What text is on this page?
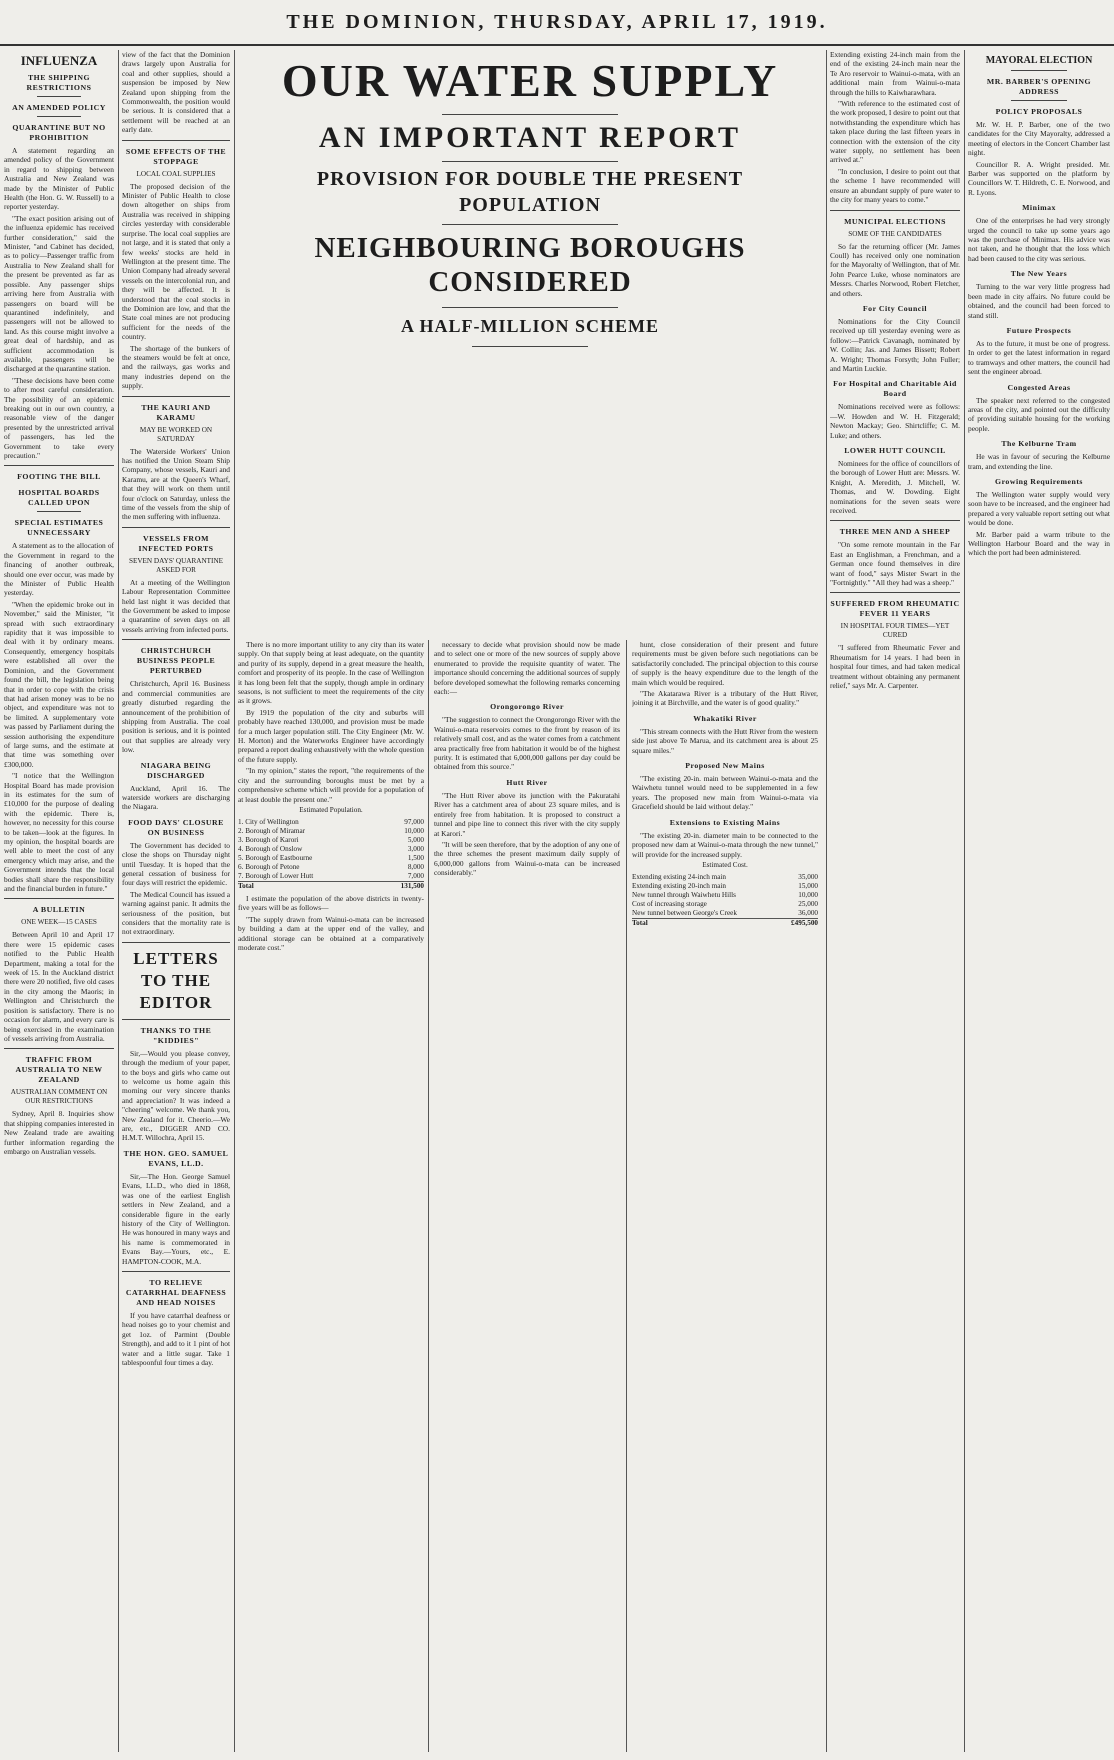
THE DOMINION, THURSDAY, APRIL 17, 1919.
INFLUENZA
THE SHIPPING RESTRICTIONS
AN AMENDED POLICY
QUARANTINE BUT NO PROHIBITION

A statement regarding an amended policy of the Government in regard to shipping between Australia and New Zealand was made by the Minister of Public Health (the Hon. G. W. Russell) to a reporter yesterday.

"The exact position arising out of the influenza epidemic has received further consideration," said the Minister, "and Cabinet has decided, as to policy—Passenger traffic from Australia to New Zealand shall for the present be prevented as far as possible. Any passenger ships arriving here from Australia with passengers on board will be quarantined indefinitely, and passengers will not be allowed to land. As this course might involve a great deal of hardship, and as sufficient accommodation is available, passengers will be discharged at the quarantine station.

"These decisions have been come to after most careful consideration. The possibility of an epidemic breaking out in our own country, a reasonable view of the danger presented by the unrestricted arrival of passengers, has led the Government to take every precaution."

FOOTING THE BILL
HOSPITAL BOARDS CALLED UPON
SPECIAL ESTIMATES UNNECESSARY

A statement as to the allocation of the Government in regard to the financing of another outbreak, should one ever occur, was made by the Minister of Public Health yesterday.

"When the epidemic broke out in November," said the Minister, "it spread with such extraordinary rapidity that it was impossible to deal with it by ordinary means. Consequently, emergency hospitals were established all over the Dominion, and the Government found the bill, the legislation being that in order to cope with the crisis that had arisen money was to be no object, and expenditure was not to be limited. A supplementary vote was passed by Parliament during the session authorising the expenditure of large sums, and the estimate at that time was something over £300,000.

"I notice that the Wellington Hospital Board has made provision in its estimates for the sum of £10,000 for the purpose of dealing with the epidemic. There is, however, no necessity for this course to be taken—look at the figures. In my opinion, the hospital boards are well able to meet the cost of any emergency which may arise, and the Government intends that the local bodies shall share the responsibility and the financial burden in future."

A BULLETIN
ONE WEEK—15 CASES

Between April 10 and April 17 there were 15 epidemic cases notified to the Public Health Department, making a total for the week of 15. In the Auckland district there were 20 notified, five old cases in the city among the Maoris; in Wellington and Christchurch the position is satisfactory. There is no occasion for alarm, and every care is being exercised in the examination of vessels arriving from Australia.

TRAFFIC FROM AUSTRALIA TO NEW ZEALAND
AUSTRALIAN COMMENT ON OUR RESTRICTIONS

Sydney, April 8. Inquiries show that shipping companies interested in New Zealand trade are awaiting further information regarding the embargo on Australian vessels.

view of the fact that the Dominion draws largely upon Australia for coal and other supplies, should a suspension be imposed by New Zealand upon shipping from the Commonwealth, the position would be serious. It is considered that a settlement will be reached at an early date.

SOME EFFECTS OF THE STOPPAGE
LOCAL COAL SUPPLIES

The proposed decision of the Minister of Public Health to close down altogether on ships from Australia was received in shipping circles yesterday with considerable surprise. The local coal supplies are not large, and it is stated that only a few weeks' stocks are held in Wellington at the present time. The Union Company had already several vessels on the intercolonial run, and they will be affected. It is understood that the coal stocks in the Dominion are low, and that the State coal mines are not producing sufficient for the needs of the country.

The shortage of the bunkers of the steamers would be felt at once, and the railways, gas works and many industries depend on the supply.

THE KAURI AND KARAMU
MAY BE WORKED ON SATURDAY

The Waterside Workers' Union has notified the Union Steam Ship Company, whose vessels, Kauri and Karamu, are at the Queen's Wharf, that they will work on them until four o'clock on Saturday, unless the time of the vessels from the ship of the men suffering with influenza.

VESSELS FROM INFECTED PORTS
SEVEN DAYS' QUARANTINE ASKED FOR

At a meeting of the Wellington Labour Representation Committee held last night it was decided that the Government be asked to impose a quarantine of seven days on all vessels arriving from infected ports.

CHRISTCHURCH BUSINESS PEOPLE PERTURBED

Christchurch, April 16. Business and commercial communities are greatly disturbed regarding the announcement of the prohibition of shipping from Australia. The coal position is serious, and it is pointed out that supplies are already very low.

NIAGARA BEING DISCHARGED

Auckland, April 16. The waterside workers are discharging the Niagara.

FOOD DAYS' CLOSURE ON BUSINESS

The Government has decided to close the shops on Thursday night until Tuesday. It is hoped that the general cessation of business for four days will restrict the epidemic.

The Medical Council has issued a warning against panic. It admits the seriousness of the position, but considers that the mortality rate is not extraordinary.

LETTERS TO THE EDITOR
THANKS TO THE "KIDDIES"

Sir,—Would you please convey, through the medium of your paper, to the boys and girls who came out to welcome us home again this morning our very sincere thanks and appreciation? It was indeed a "cheering" welcome. We thank you, New Zealand for it. Cheerio.—We are, etc., DIGGER AND CO. H.M.T. Willochra, April 15.

THE HON. GEO. SAMUEL EVANS, LL.D.

Sir,—The Hon. George Samuel Evans, LL.D., who died in 1868, was one of the earliest English settlers in New Zealand, and a considerable figure in the early history of the City of Wellington. He was honoured in many ways and his name is commemorated in Evans Bay.—Yours, etc., E. HAMPTON-COOK, M.A.

TO RELIEVE CATARRHAL DEAFNESS AND HEAD NOISES

If you have catarrhal deafness or head noises go to your chemist and get 1oz. of Parmint (Double Strength), and add to it 1 pint of hot water and a little sugar. Take 1 tablespoonful four times a day.

OUR WATER SUPPLY
AN IMPORTANT REPORT
PROVISION FOR DOUBLE THE PRESENT
POPULATION
NEIGHBOURING BOROUGHS
CONSIDERED
A HALF-MILLION SCHEME

There is no more important utility to any city than its water supply. On that supply being at least adequate, on the quantity and purity of its supply, depend in a great measure the health, comfort and prosperity of its people. In the case of Wellington it has long been felt that the supply, though ample in ordinary seasons, is not sufficient to meet the requirements of the city as it grows.

By 1919 the population of the city and suburbs will probably have reached 130,000, and provision must be made for a much larger population still. The City Engineer (Mr. W. H. Morton) and the Waterworks Engineer have accordingly prepared a report dealing exhaustively with the whole question of the future supply.

"In my opinion," states the report, "the requirements of the city and the surrounding boroughs must be met by a comprehensive scheme which will provide for a population of at least double the present one."

Estimated Population.
1. City of Wellington	97,000
2. Borough of Miramar	10,000
3. Borough of Karori	5,000
4. Borough of Onslow	3,000
5. Borough of Eastbourne	1,500
6. Borough of Petone	8,000
7. Borough of Lower Hutt	7,000
Total	131,500

I estimate the population of the above districts in twenty-five years will be as follows—

"The supply drawn from Wainui-o-mata can be increased by building a dam at the upper end of the valley, and additional storage can be obtained at a comparatively moderate cost."

necessary to decide what provision should now be made and to select one or more of the new sources of supply above enumerated to provide the requisite quantity of water. The importance should concerning the additional sources of supply before developed somewhat the following remarks concerning each:—

Orongorongo River

"The suggestion to connect the Orongorongo River with the Wainui-o-mata reservoirs comes to the front by reason of its relatively small cost, and as the water comes from a catchment area practically free from habitation it would be of the highest purity. It is estimated that 6,000,000 gallons per day could be obtained from this source."

Hutt River

"The Hutt River above its junction with the Pakuratahi River has a catchment area of about 23 square miles, and is entirely free from habitation. It is proposed to construct a tunnel and pipe line to connect this river with the city supply at Karori."

"It will be seen therefore, that by the adoption of any one of the three schemes the present maximum daily supply of 6,000,000 gallons from Wainui-o-mata can be increased considerably."

hunt, close consideration of their present and future requirements must be given before such negotiations can be satisfactorily concluded. The principal objection to this course of supply is the heavy expenditure due to the length of the main which would be required.

"The Akatarawa River is a tributary of the Hutt River, joining it at Birchville, and the water is of good quality."

Whakatiki River

"This stream connects with the Hutt River from the western side just above Te Marua, and its catchment area is about 25 square miles."

Proposed New Mains

"The existing 20-in. main between Wainui-o-mata and the Waiwhetu tunnel would need to be supplemented in a few years. The proposed new main from Wainui-o-mata via Gracefield should be laid without delay."

Extensions to Existing Mains

"The existing 20-in. diameter main to be connected to the proposed new dam at Wainui-o-mata through the new tunnel," will provide for the increased supply.

Estimated Cost.
Extending existing 24-inch main	35,000
Extending existing 20-inch main	15,000
New tunnel through Waiwhetu Hills	10,000
Cost of increasing storage	25,000
New tunnel between George's Creek	36,000
Total	£495,500

Extending existing 24-inch main from the end of the existing 24-inch main near the Te Aro reservoir to Wainui-o-mata, with an additional main from Wainui-o-mata through the hills to Kaiwharawhara.

"With reference to the estimated cost of the work proposed, I desire to point out that notwithstanding the expenditure which has taken place during the last fifteen years in connection with the extension of the city water supply, no settlement has been arrived at."

"In conclusion, I desire to point out that the scheme I have recommended will ensure an abundant supply of pure water to the city for many years to come."

MUNICIPAL ELECTIONS
SOME OF THE CANDIDATES

So far the returning officer (Mr. James Coull) has received only one nomination for the Mayoralty of Wellington, that of Mr. John Pearce Luke, whose nominators are Messrs. Charles Norwood, Robert Fletcher, and others.

For City Council

Nominations for the City Council received up till yesterday evening were as follow:—Patrick Cavanagh, nominated by W. Collin; Jas. and James Bissett; Robert A. Wright; Thomas Forsyth; John Fuller; and Martin Luckie.

For Hospital and Charitable Aid Board

Nominations received were as follows:—W. Howden and W. H. Fitzgerald; Newton Mackay; Geo. Shirtcliffe; C. M. Luke; and others.

LOWER HUTT COUNCIL

Nominees for the office of councillors of the borough of Lower Hutt are: Messrs. W. Knight, A. Meredith, J. Mitchell, W. Thomas, and W. Dowding. Eight nominations for the seven seats were received.

THREE MEN AND A SHEEP

"On some remote mountain in the Far East an Englishman, a Frenchman, and a German once found themselves in dire want of food," says Mister Swart in the "Fortnightly." "All they had was a sheep."

SUFFERED FROM RHEUMATIC FEVER 11 YEARS
IN HOSPITAL FOUR TIMES—YET CURED

"I suffered from Rheumatic Fever and Rheumatism for 14 years. I had been in hospital four times, and had taken medical treatment without obtaining any permanent relief," says Mr. A. Carpenter.

MAYORAL ELECTION
MR. BARBER'S OPENING ADDRESS
POLICY PROPOSALS

Mr. W. H. P. Barber, one of the two candidates for the City Mayoralty, addressed a meeting of electors in the Concert Chamber last night.

Councillor R. A. Wright presided. Mr. Barber was supported on the platform by Councillors W. T. Hildreth, C. E. Norwood, and R. Lyons.

Minimax

One of the enterprises he had very strongly urged the council to take up some years ago was the purchase of Minimax. His advice was not taken, and he thought that the loss which had been caused to the city was serious.

The New Years

Turning to the war very little progress had been made in city affairs. No future could be obtained, and the council had been forced to stand still.

Future Prospects

As to the future, it must be one of progress. In order to get the latest information in regard to tramways and other matters, the council had sent the engineer abroad.

Congested Areas

The speaker next referred to the congested areas of the city, and pointed out the difficulty of providing suitable housing for the working people.

The Kelburne Tram

He was in favour of securing the Kelburne tram, and extending the line.

Growing Requirements

The Wellington water supply would very soon have to be increased, and the engineer had prepared a very valuable report setting out what would be done.

Mr. Barber paid a warm tribute to the Wellington Harbour Board and the way in which the port had been administered.
